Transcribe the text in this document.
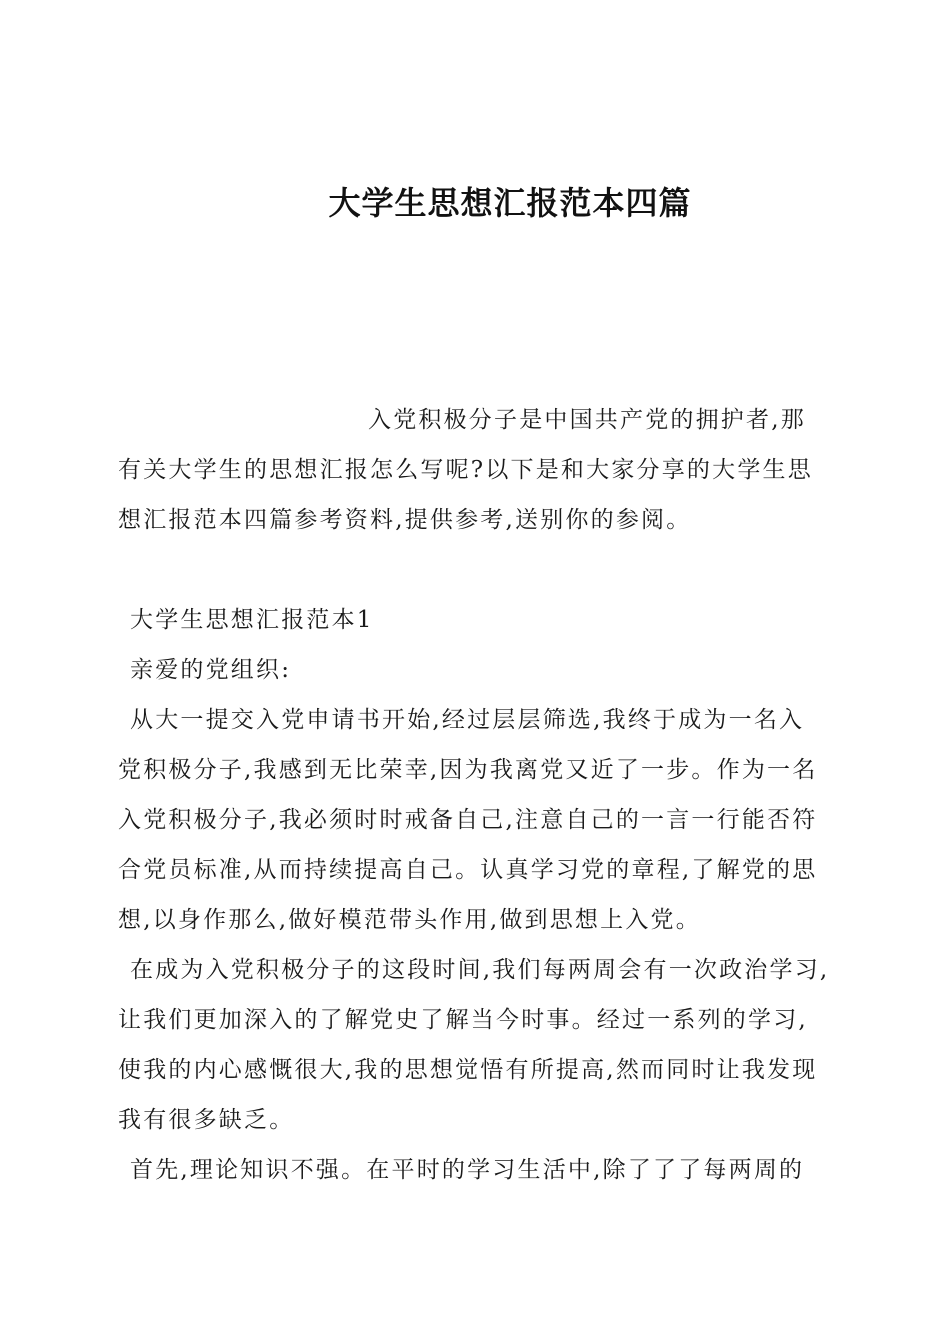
大学生思想汇报范本四篇
入党积极分子是中国共产党的拥护者,那
有关大学生的思想汇报怎么写呢?以下是和大家分享的大学生思
想汇报范本四篇参考资料,提供参考,送别你的参阅。
大学生思想汇报范本1
亲爱的党组织:
从大一提交入党申请书开始,经过层层筛选,我终于成为一名入
党积极分子,我感到无比荣幸,因为我离党又近了一步。作为一名
入党积极分子,我必须时时戒备自己,注意自己的一言一行能否符
合党员标准,从而持续提高自己。认真学习党的章程,了解党的思
想,以身作那么,做好模范带头作用,做到思想上入党。
在成为入党积极分子的这段时间,我们每两周会有一次政治学习,
让我们更加深入的了解党史了解当今时事。经过一系列的学习,
使我的内心感慨很大,我的思想觉悟有所提高,然而同时让我发现
我有很多缺乏。
首先,理论知识不强。在平时的学习生活中,除了了了每两周的
